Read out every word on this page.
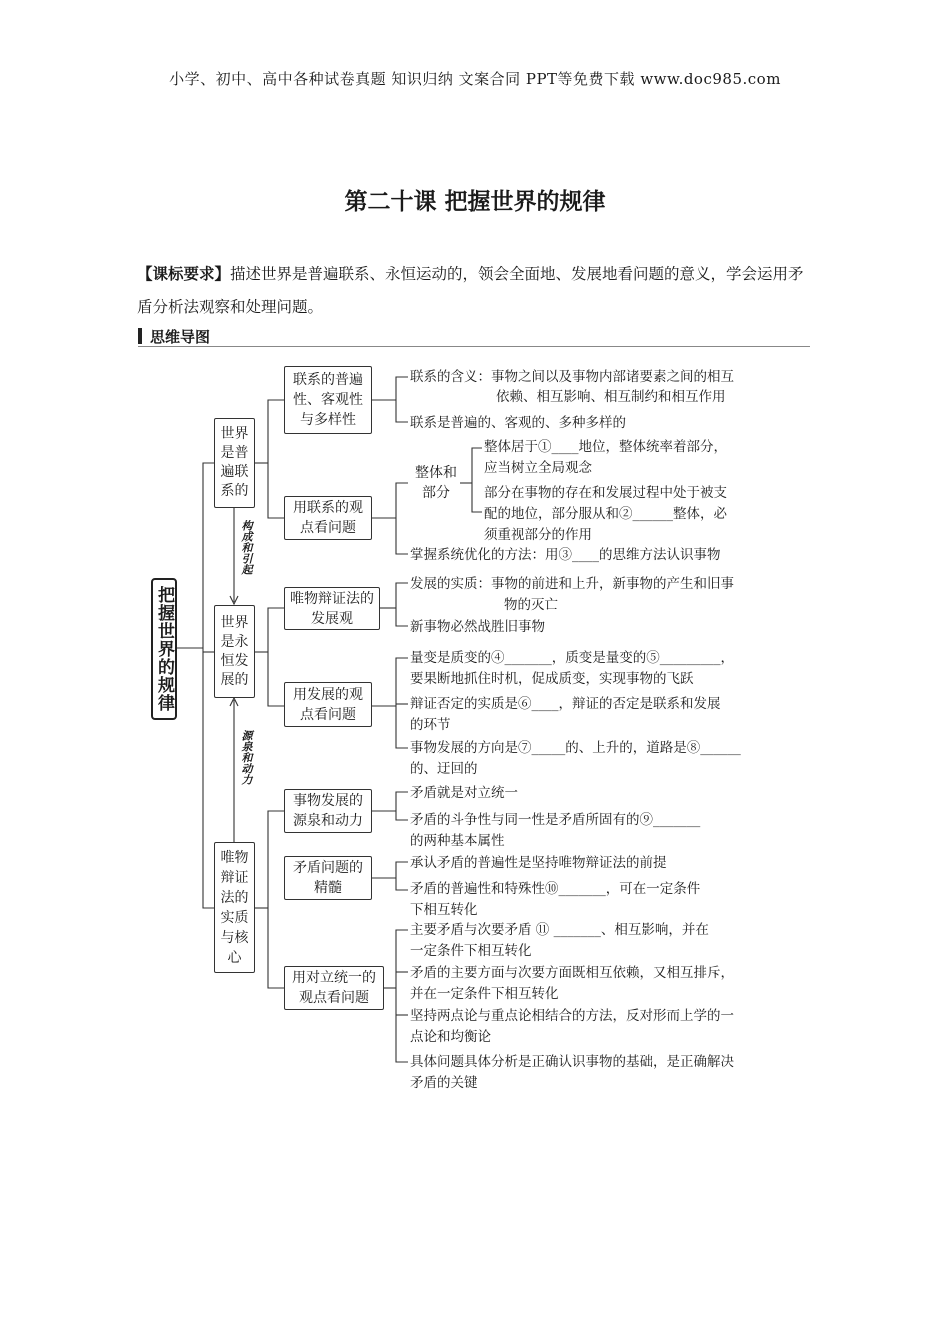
小学、初中、高中各种试卷真题 知识归纳 文案合同 PPT等免费下载 www.doc985.com
第二十课 把握世界的规律
【课标要求】描述世界是普遍联系、永恒运动的，领会全面地、发展地看问题的意义，学会运用矛盾分析法观察和处理问题。
思维导图
把握世界的规律
世界是普遍联系的
世界是永恒发展的
唯物辩证法的实质与核心
构成和引起
源泉和动力
联系的普遍性、客观性与多样性
用联系的观点看问题
唯物辩证法的发展观
用发展的观点看问题
事物发展的源泉和动力
矛盾问题的精髓
用对立统一的观点看问题
整体和部分
联系的含义：事物之间以及事物内部诸要素之间的相互
依赖、相互影响、相互制约和相互作用
联系是普遍的、客观的、多种多样的
整体居于①____地位，整体统率着部分，
应当树立全局观念
部分在事物的存在和发展过程中处于被支
配的地位，部分服从和②______整体，必
须重视部分的作用
掌握系统优化的方法：用③____的思维方法认识事物
发展的实质：事物的前进和上升，新事物的产生和旧事
物的灭亡
新事物必然战胜旧事物
量变是质变的④_______，质变是量变的⑤_________，
要果断地抓住时机，促成质变，实现事物的飞跃
辩证否定的实质是⑥____，辩证的否定是联系和发展
的环节
事物发展的方向是⑦_____的、上升的，道路是⑧______
的、迂回的
矛盾就是对立统一
矛盾的斗争性与同一性是矛盾所固有的⑨_______
的两种基本属性
承认矛盾的普遍性是坚持唯物辩证法的前提
矛盾的普遍性和特殊性⑩_______，可在一定条件
下相互转化
主要矛盾与次要矛盾 ⑪ _______、相互影响，并在
一定条件下相互转化
矛盾的主要方面与次要方面既相互依赖，又相互排斥，
并在一定条件下相互转化
坚持两点论与重点论相结合的方法，反对形而上学的一
点论和均衡论
具体问题具体分析是正确认识事物的基础，是正确解决
矛盾的关键
